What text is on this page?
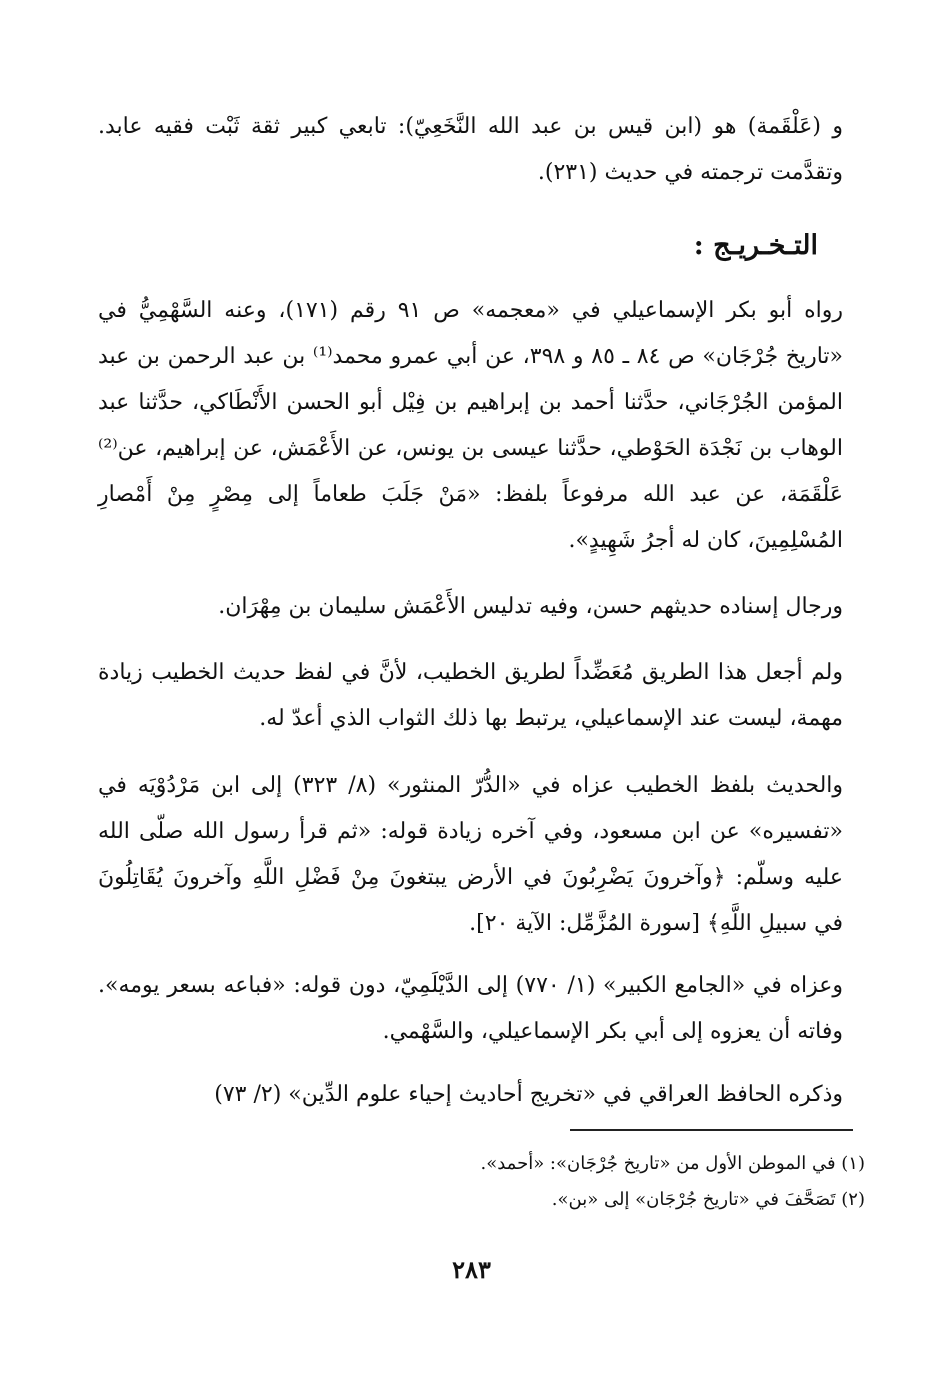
و (عَلْقَمة) هو (ابن قيس بن عبد الله النَّخَعِيّ): تابعي كبير ثقة ثَبْت فقيه عابد. وتقدَّمت ترجمته في حديث (٢٣١).
التـخـريـج :
رواه أبو بكر الإسماعيلي في «معجمه» ص ٩١ رقم (١٧١)، وعنه السَّهْمِيُّ في «تاريخ جُرْجَان» ص ٨٤ ـ ٨٥ و ٣٩٨، عن أبي عمرو محمد⁽¹⁾ بن عبد الرحمن بن عبد المؤمن الجُرْجَاني، حدَّثنا أحمد بن إبراهيم بن فِيْل أبو الحسن الأَنْطَاكي، حدَّثنا عبد الوهاب بن نَجْدَة الحَوْطي، حدَّثنا عيسى بن يونس، عن الأَعْمَش، عن إبراهيم، عن⁽²⁾ عَلْقَمَة، عن عبد الله مرفوعاً بلفظ: «مَنْ جَلَبَ طعاماً إلى مِصْرٍ مِنْ أَمْصارِ المُسْلِمِينَ، كان له أجرُ شَهِيدٍ».
ورجال إسناده حديثهم حسن، وفيه تدليس الأَعْمَش سليمان بن مِهْرَان.
ولم أجعل هذا الطريق مُعَضِّداً لطريق الخطيب، لأنَّ في لفظ حديث الخطيب زيادة مهمة، ليست عند الإسماعيلي، يرتبط بها ذلك الثواب الذي أعدّ له.
والحديث بلفظ الخطيب عزاه في «الدُّرّ المنثور» (٨/ ٣٢٣) إلى ابن مَرْدُوْيَه في «تفسيره» عن ابن مسعود، وفي آخره زيادة قوله: «ثم قرأ رسول الله صلّى الله عليه وسلّم: ﴿وآخرونَ يَضْرِبُونَ في الأرض يبتغونَ مِنْ فَضْلِ اللَّهِ وآخرونَ يُقَاتِلُونَ في سبيلِ اللَّهِ﴾ [سورة المُزَّمِّل: الآية ٢٠].
وعزاه في «الجامع الكبير» (١/ ٧٧٠) إلى الدَّيْلَمِيّ، دون قوله: «فباعه بسعر يومه». وفاته أن يعزوه إلى أبي بكر الإسماعيلي، والسَّهْمي.
وذكره الحافظ العراقي في «تخريج أحاديث إحياء علوم الدِّين» (٢/ ٧٣)
(١) في الموطن الأول من «تاريخ جُرْجَان»: «أحمد».
(٢) تَصَحَّفَ في «تاريخ جُرْجَان» إلى «بن».
٢٨٣
